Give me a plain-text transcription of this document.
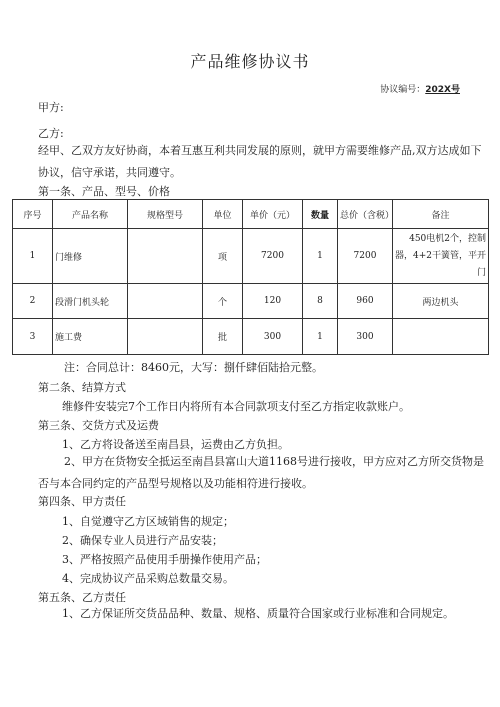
产品维修协议书
协议编号：202X号
甲方:
乙方:
经甲、乙双方友好协商，本着互惠互利共同发展的原则，就甲方需要维修产品,双方达成如下协议，信守承诺，共同遵守。
第一条、产品、型号、价格
序号	产品名称	规格型号	单位	单价（元）	数量	总价（含税）	备注
1	门维修		项	7200	1	7200	450电机2个，控制器，4+2干簧管，平开门
2	段滑门机头轮		个	120	8	960	两边机头
3	施工费		批	300	1	300	
注：合同总计：8460元，大写：捌仟肆佰陆拾元整。
第二条、结算方式
维修件安装完7个工作日内将所有本合同款项支付至乙方指定收款账户。
第三条、交货方式及运费
1、乙方将设备送至南昌县，运费由乙方负担。
2、甲方在货物安全抵运至南昌县富山大道1168号进行接收，甲方应对乙方所交货物是否与本合同约定的产品型号规格以及功能相符进行接收。
第四条、甲方责任
1、自觉遵守乙方区域销售的规定；
2、确保专业人员进行产品安装；
3、严格按照产品使用手册操作使用产品；
4、完成协议产品采购总数量交易。
第五条、乙方责任
1、乙方保证所交货品品种、数量、规格、质量符合国家或行业标准和合同规定。
